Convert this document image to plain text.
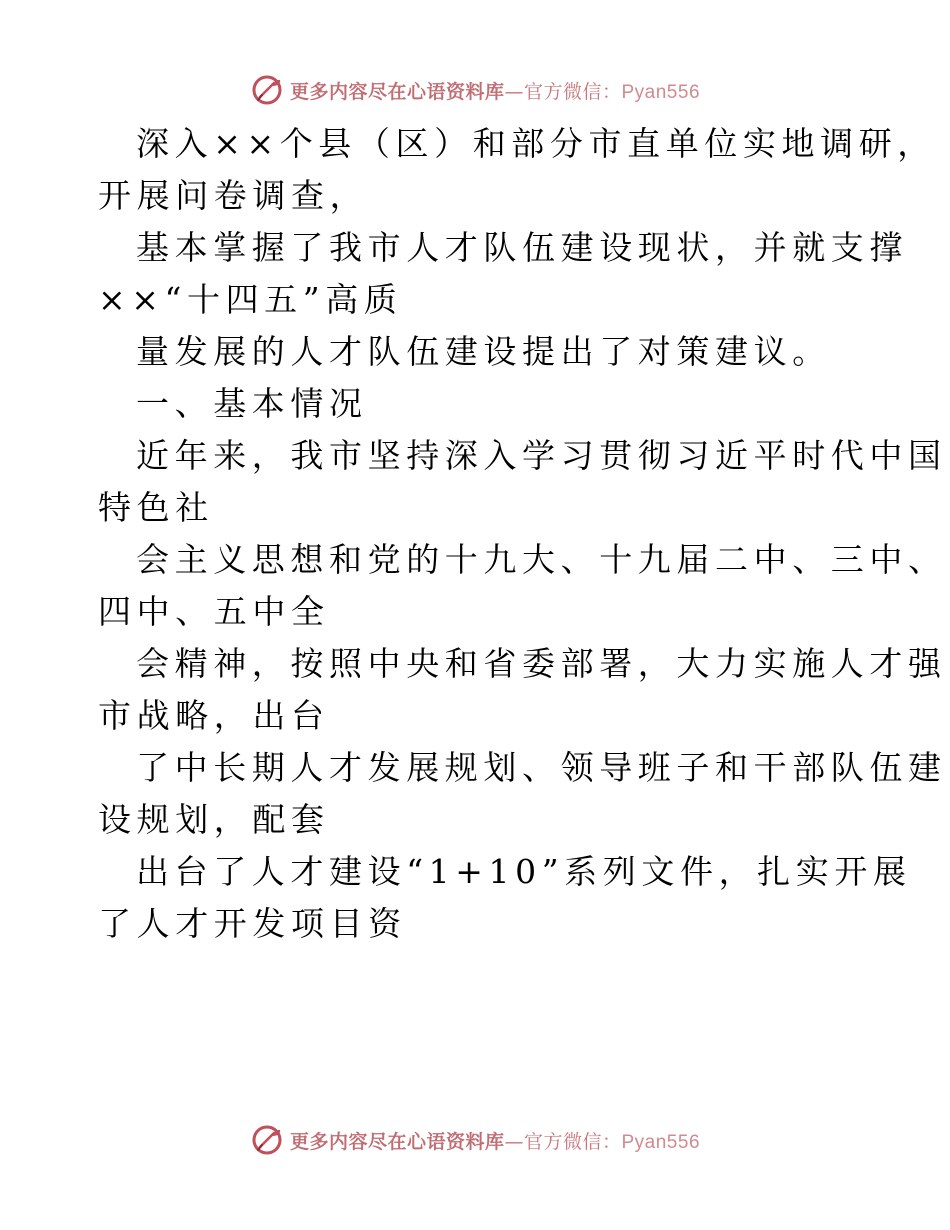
更多内容尽在心语资料库—官方微信：Pyan556
深入××个县（区）和部分市直单位实地调研，
开展问卷调查，
基本掌握了我市人才队伍建设现状，并就支撑
××“十四五”高质
量发展的人才队伍建设提出了对策建议。
一、基本情况
近年来，我市坚持深入学习贯彻习近平时代中国
特色社
会主义思想和党的十九大、十九届二中、三中、
四中、五中全
会精神，按照中央和省委部署，大力实施人才强
市战略，出台
了中长期人才发展规划、领导班子和干部队伍建
设规划，配套
出台了人才建设“1+10”系列文件，扎实开展
了人才开发项目资
更多内容尽在心语资料库—官方微信：Pyan556
